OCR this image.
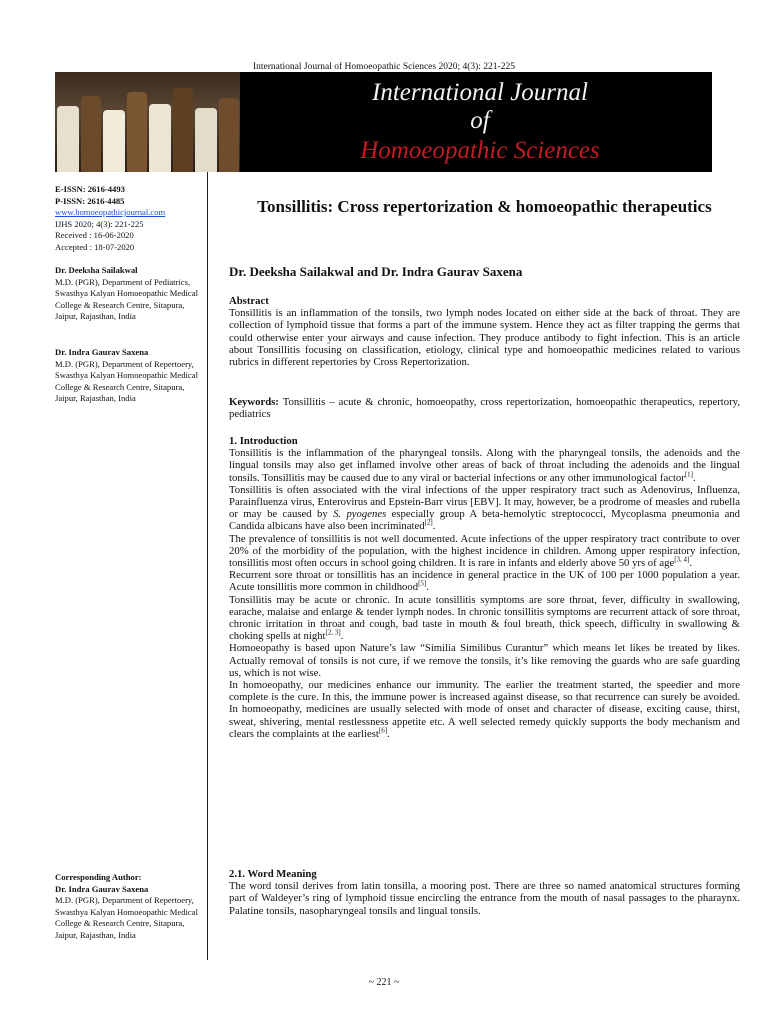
International Journal of Homoeopathic Sciences 2020; 4(3): 221-225
International Journal
of
Homoeopathic Sciences

E-ISSN: 2616-4493

P-ISSN: 2616-4485

www.homoeopathicjournal.com

IJHS 2020; 4(3): 221-225

Received : 16-06-2020

Accepted : 18-07-2020

Dr. Deeksha Sailakwal

M.D. (PGR), Department of Pediatrics, Swasthya Kalyan Homoeopathic Medical College & Research Centre, Sitapura, Jaipur, Rajasthan, India

Dr. Indra Gaurav Saxena

M.D. (PGR), Department of Repertoery, Swasthya Kalyan Homoeopathic Medical College & Research Centre, Sitapura, Jaipur, Rajasthan, India

Corresponding Author:

Dr. Indra Gaurav Saxena

M.D. (PGR), Department of Repertoery, Swasthya Kalyan Homoeopathic Medical College & Research Centre, Sitapura, Jaipur, Rajasthan, India

Tonsillitis: Cross repertorization & homoeopathic therapeutics
Dr. Deeksha Sailakwal and Dr. Indra Gaurav Saxena

Abstract

Tonsillitis is an inflammation of the tonsils, two lymph nodes located on either side at the back of throat. They are collection of lymphoid tissue that forms a part of the immune system. Hence they act as filter trapping the germs that could otherwise enter your airways and cause infection. They produce antibody to fight infection. This is an article about Tonsillitis focusing on classification, etiology, clinical type and homoeopathic medicines related to various rubrics in different repertories by Cross Repertorization.

Keywords: Tonsillitis – acute & chronic, homoeopathy, cross repertorization, homoeopathic therapeutics, repertory, pediatrics

1. Introduction

Tonsillitis is the inflammation of the pharyngeal tonsils. Along with the pharyngeal tonsils, the adenoids and the lingual tonsils may also get inflamed involve other areas of back of throat including the adenoids and the lingual tonsils. Tonsillitis may be caused due to any viral or bacterial infections or any other immunological factor[1].

Tonsillitis is often associated with the viral infections of the upper respiratory tract such as Adenovirus, Influenza, Parainfluenza virus, Enterovirus and Epstein-Barr virus [EBV]. It may, however, be a prodrome of measles and rubella or may be caused by S. pyogenes especially group A beta-hemolytic streptococci, Mycoplasma pneumonia and Candida albicans have also been incriminated[2].

The prevalence of tonsillitis is not well documented. Acute infections of the upper respiratory tract contribute to over 20% of the morbidity of the population, with the highest incidence in children. Among upper respiratory infection, tonsillitis most often occurs in school going children. It is rare in infants and elderly above 50 yrs of age[3, 4].

Recurrent sore throat or tonsillitis has an incidence in general practice in the UK of 100 per 1000 population a year. Acute tonsillitis more common in childhood[5].

Tonsillitis may be acute or chronic. In acute tonsillitis symptoms are sore throat, fever, difficulty in swallowing, earache, malaise and enlarge & tender lymph nodes. In chronic tonsillitis symptoms are recurrent attack of sore throat, chronic irritation in throat and cough, bad taste in mouth & foul breath, thick speech, difficulty in swallowing & choking spells at night[2, 3].

Homoeopathy is based upon Nature’s law “Similia Similibus Curantur” which means let likes be treated by likes. Actually removal of tonsils is not cure, if we remove the tonsils, it’s like removing the guards who are safe guarding us, which is not wise.

In homoeopathy, our medicines enhance our immunity. The earlier the treatment started, the speedier and more complete is the cure. In this, the immune power is increased against disease, so that recurrence can surely be avoided. In homoeopathy, medicines are usually selected with mode of onset and character of disease, exciting cause, thirst, sweat, shivering, mental restlessness appetite etc. A well selected remedy quickly supports the body mechanism and clears the complaints at the earliest[6].

2.1. Word Meaning

The word tonsil derives from latin tonsilla, a mooring post. There are three so named anatomical structures forming part of Waldeyer’s ring of lymphoid tissue encircling the entrance from the mouth of nasal passages to the pharaynx. Palatine tonsils, nasopharyngeal tonsils and lingual tonsils.

~ 221 ~
